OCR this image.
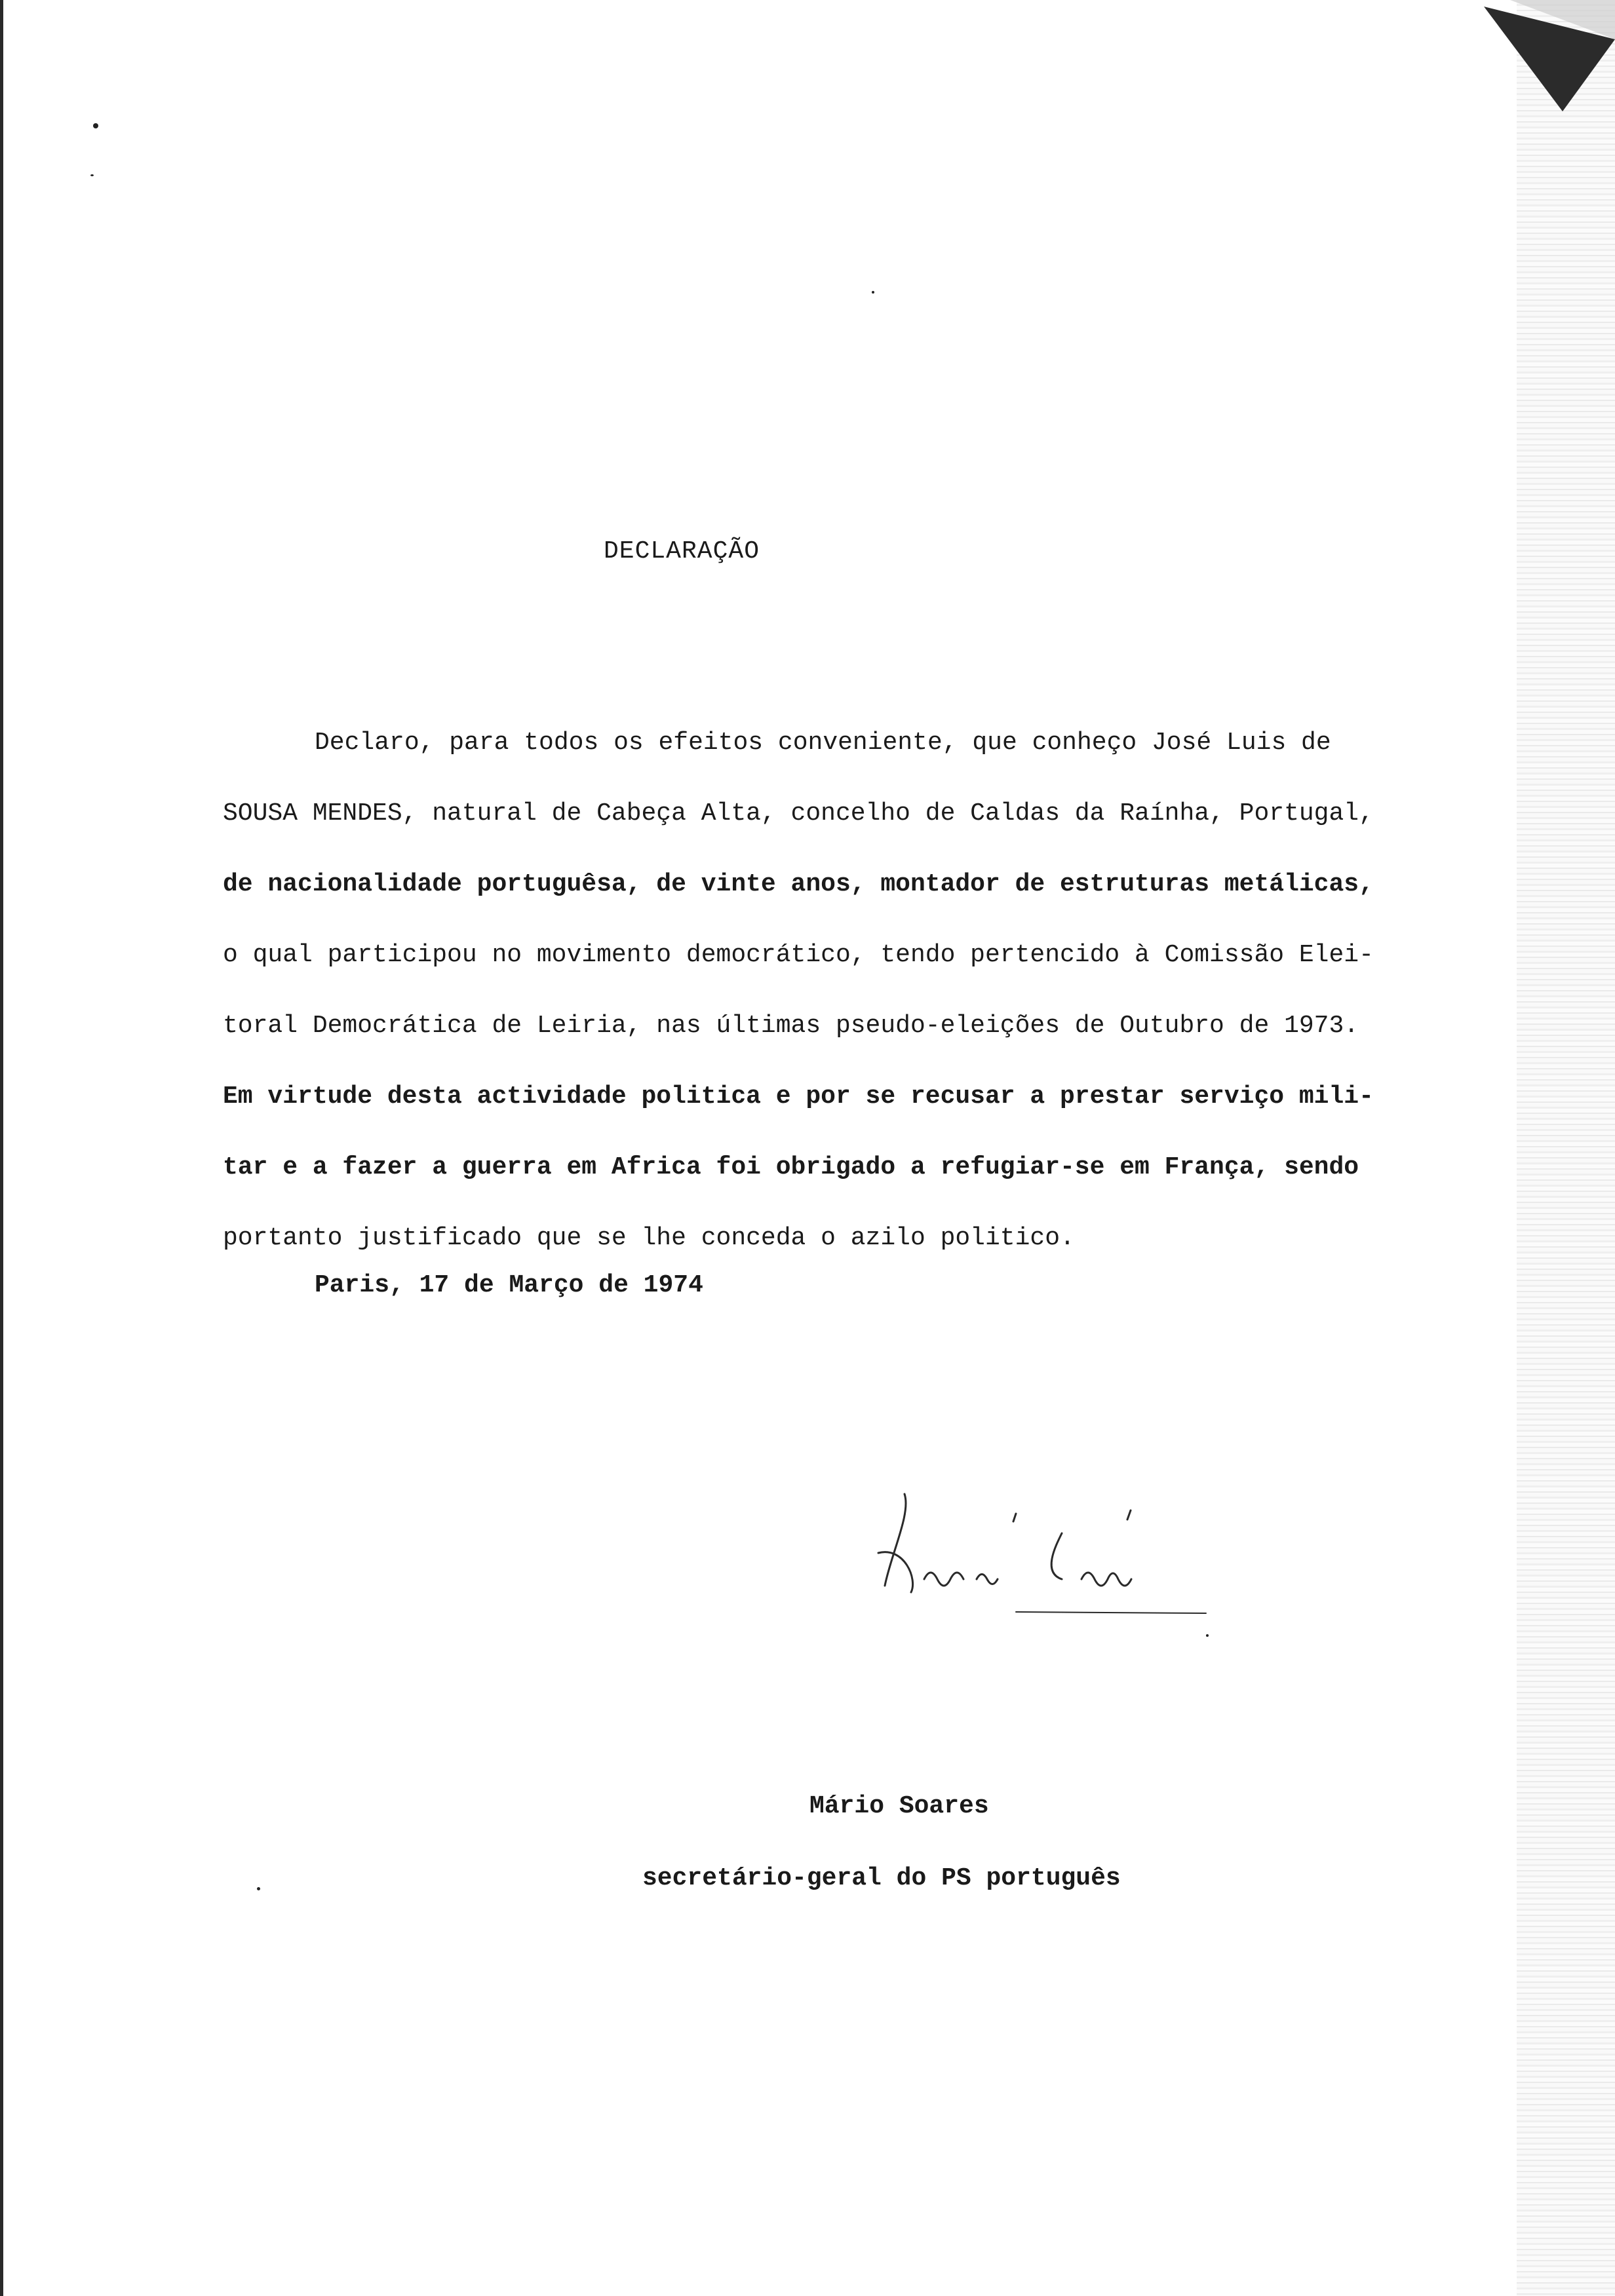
DECLARAÇÃO
Declaro, para todos os efeitos conveniente, que conheço José Luis de
SOUSA MENDES, natural de Cabeça Alta, concelho de Caldas da Raínha, Portugal,
de nacionalidade portuguêsa, de vinte anos, montador de estruturas metálicas,
o qual participou no movimento democrático, tendo pertencido à Comissão Elei-
toral Democrática de Leiria, nas últimas pseudo-eleições de Outubro de 1973.
Em virtude desta actividade politica e por se recusar a prestar serviço mili-
tar e a fazer a guerra em Africa foi obrigado a refugiar-se em França, sendo
portanto justificado que se lhe conceda o azilo politico.
Paris, 17 de Março de 1974
Mário Soares
secretário-geral do PS português
